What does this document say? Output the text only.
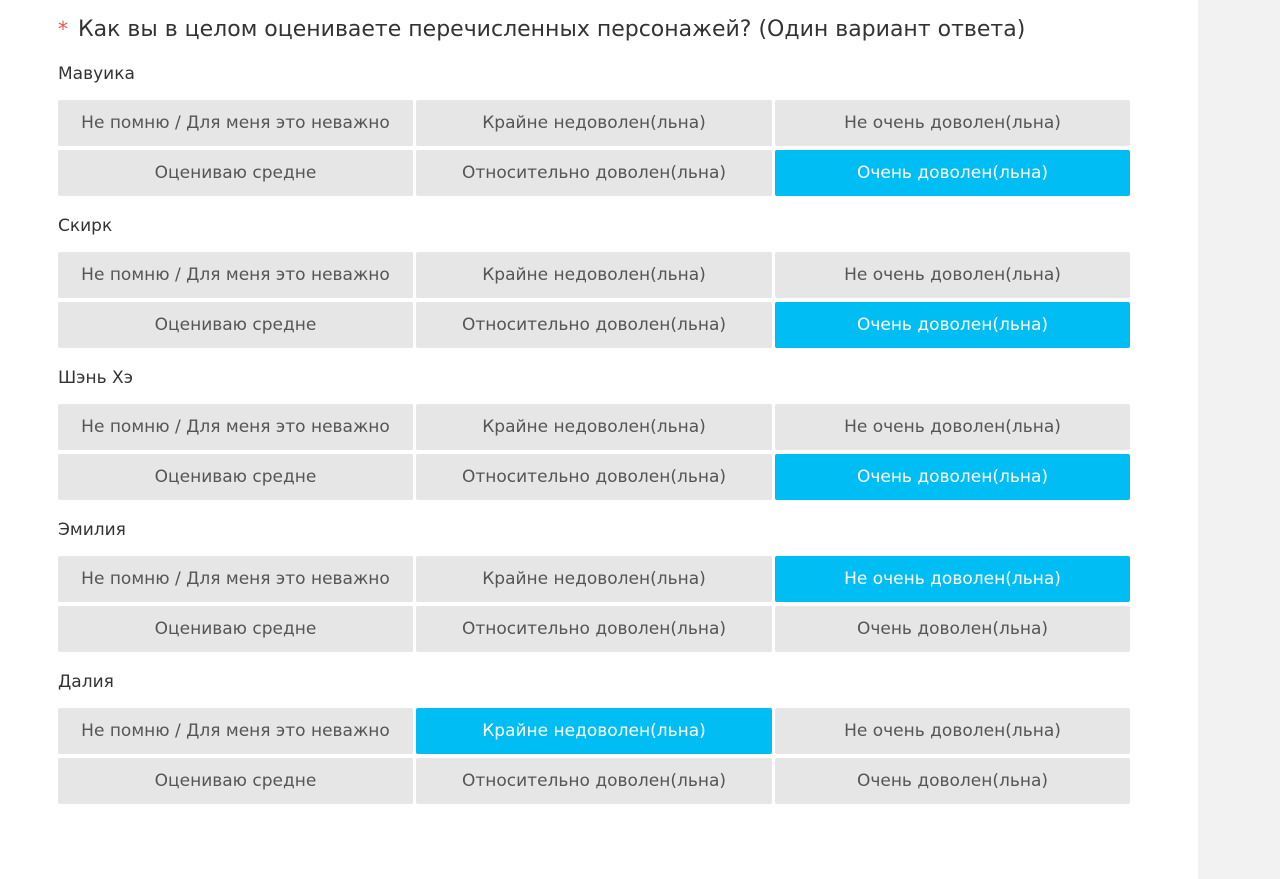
* Как вы в целом оцениваете перечисленных персонажей? (Один вариант ответа)
Мавуика
Не помню / Для меня это неважно	Крайне недоволен(льна)	Не очень доволен(льна)
Оцениваю средне	Относительно доволен(льна)	Очень доволен(льна)
Скирк
Не помню / Для меня это неважно	Крайне недоволен(льна)	Не очень доволен(льна)
Оцениваю средне	Относительно доволен(льна)	Очень доволен(льна)
Шэнь Хэ
Не помню / Для меня это неважно	Крайне недоволен(льна)	Не очень доволен(льна)
Оцениваю средне	Относительно доволен(льна)	Очень доволен(льна)
Эмилия
Не помню / Для меня это неважно	Крайне недоволен(льна)	Не очень доволен(льна)
Оцениваю средне	Относительно доволен(льна)	Очень доволен(льна)
Далия
Не помню / Для меня это неважно	Крайне недоволен(льна)	Не очень доволен(льна)
Оцениваю средне	Относительно доволен(льна)	Очень доволен(льна)
